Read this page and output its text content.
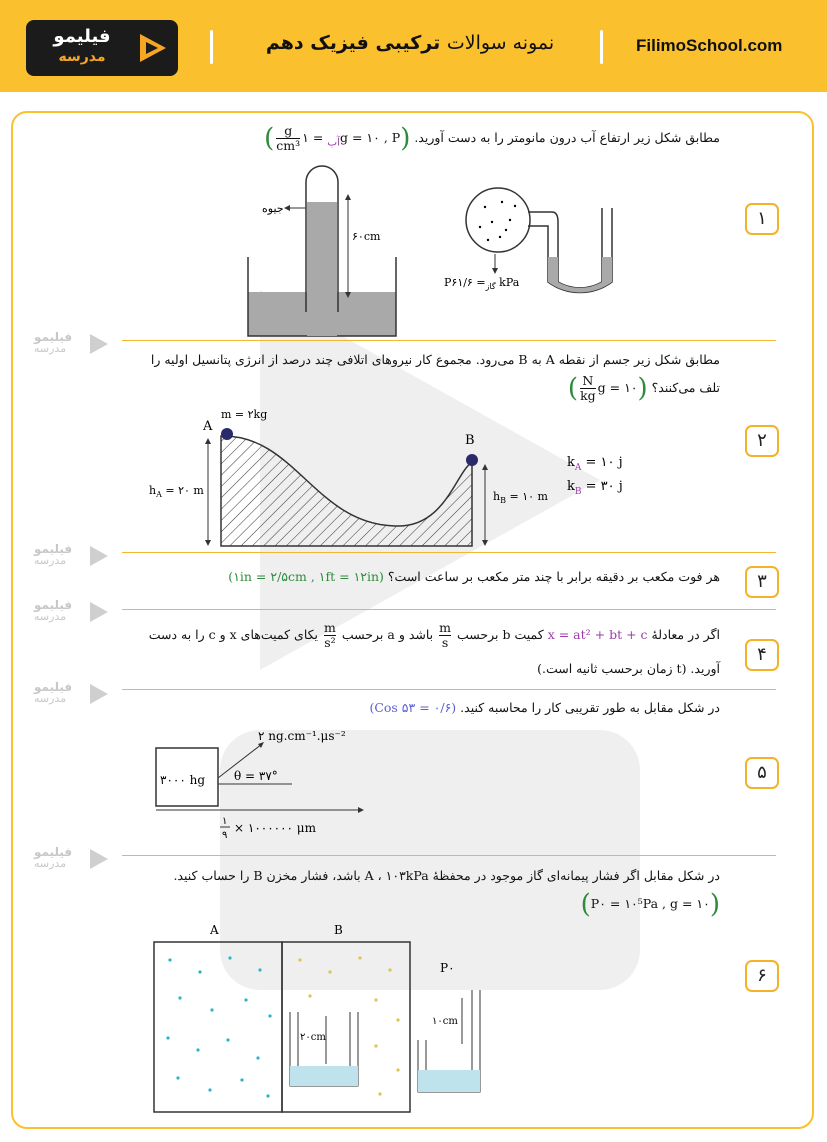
فیلیمو
مدرسه
نمونه سوالات ترکیبی فیزیک دهم	FilimoSchool.com
فیلیمو
مدرسه
فیلیمو
مدرسه
فیلیمو
مدرسه
فیلیمو
مدرسه
فیلیمو
مدرسه
۱
مطابق شکل زیر ارتفاع آب درون مانومتر را به دست آورید. (g = ۱۰ , $P_{آب}$ = ۱
$\frac{g}{\text{cm³}}$
)
جیوه
۶۰cm
P	$_{گاز}$= ۶۱/۶ kPa
۲
مطابق شکل زیر جسم از نقطه A به B می‌رود. مجموع کار نیروهای اتلافی چند درصد از انرژی پتانسیل اولیه را
تلف می‌کنند؟ (g = ۱۰
$\frac{N}{kg}$
)
A
m = ۲kg
B
$h_A$ = ۲۰ m	$h_B$ = ۱۰ m
$k_A$ = ۱۰ j
$k_B$ = ۳۰ j
۳
هر فوت مکعب بر دقیقه برابر با چند متر مکعب بر ساعت است؟ (۱in = ۲/۵cm , ۱ft = ۱۲in)
۴
اگر در معادلهٔ x = at² + bt + c کمیت b برحسب
$\frac{m}{s}$
باشد و a برحسب
$\frac{m}{\text{s²}}$
یکای کمیت‌های x و c را به دست
آورید. (t زمان برحسب ثانیه است.)
۵
در شکل مقابل به طور تقریبی کار را محاسبه کنید. (Cos ۵۳ = ۰/۶)
۳۰۰۰ hg
۲ ng.cm⁻¹.μs⁻²
θ = ۳۷°
۱
۹
× ۱۰۰۰۰۰۰ μm
۶
در شکل مقابل اگر فشار پیمانه‌ای گاز موجود در محفظهٔ A ، ۱۰۳kPa باشد، فشار مخزن B را حساب کنید.
(P۰ = ۱۰⁵Pa , g = ۱۰)
A	B
P۰
۲۰cm
۱۰cm
